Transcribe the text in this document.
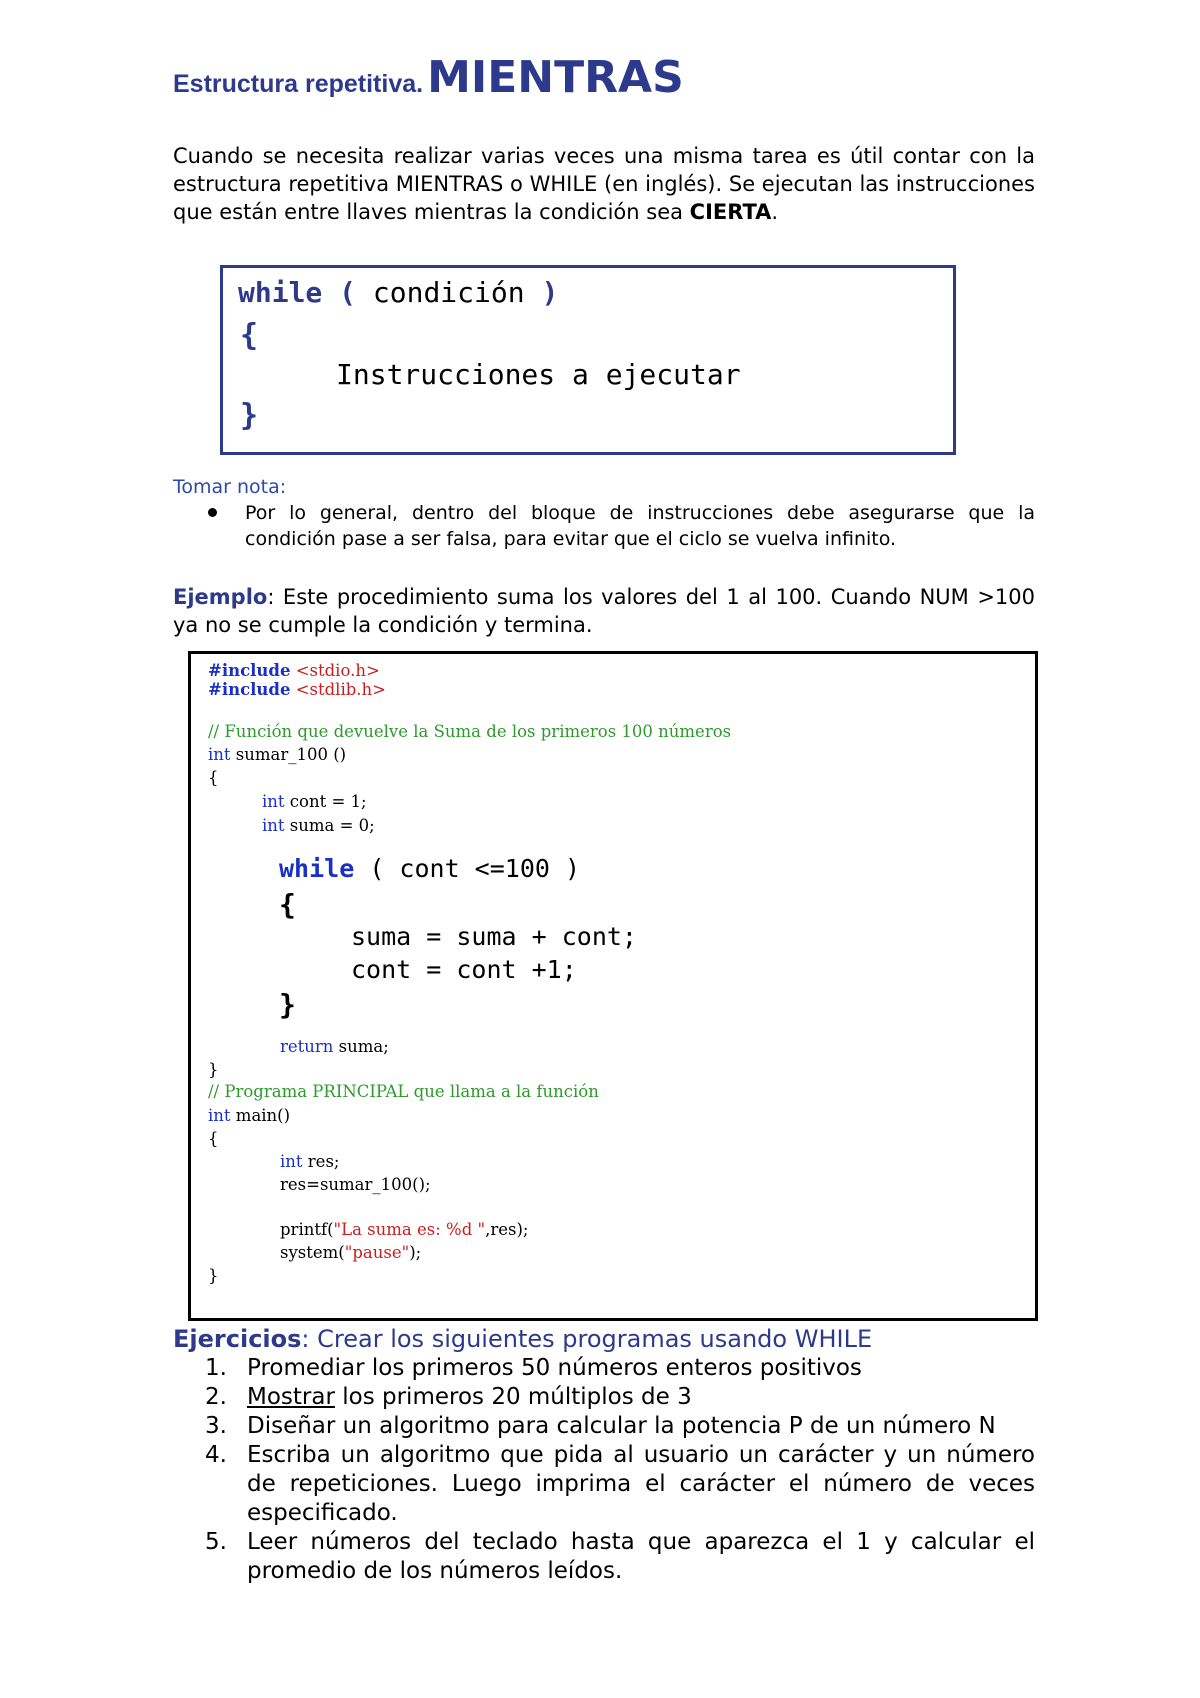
Estructura repetitiva.MIENTRAS
Cuando se necesita realizar varias veces una misma tarea es útil contar con la estructura repetitiva MIENTRAS o WHILE (en inglés). Se ejecutan las instrucciones que están entre llaves mientras la condición sea CIERTA.
while ( condición )
{
Instrucciones a ejecutar
}
Tomar nota:
Por lo general, dentro del bloque de instrucciones debe asegurarse que la condición pase a ser falsa, para evitar que el ciclo se vuelva infinito.
Ejemplo: Este procedimiento suma los valores del 1 al 100. Cuando NUM >100 ya no se cumple la condición y termina.
#include <stdio.h>
#include <stdlib.h>
// Función que devuelve la Suma de los primeros 100 números
int sumar_100 ()
{
int cont = 1;
int suma = 0;
while ( cont <=100 )
{
suma = suma + cont;
cont = cont +1;
}
return suma;
}
// Programa PRINCIPAL que llama a la función
int main()
{
int res;
res=sumar_100();
printf("La suma es: %d ",res);
system("pause");
}
Ejercicios: Crear los siguientes programas usando WHILE
1. Promediar los primeros 50 números enteros positivos
2. Mostrar los primeros 20 múltiplos de 3
3. Diseñar un algoritmo para calcular la potencia P de un número N
4. Escriba un algoritmo que pida al usuario un carácter y un número de repeticiones. Luego imprima el carácter el número de veces especificado.
5. Leer números del teclado hasta que aparezca el 1 y calcular el promedio de los números leídos.
